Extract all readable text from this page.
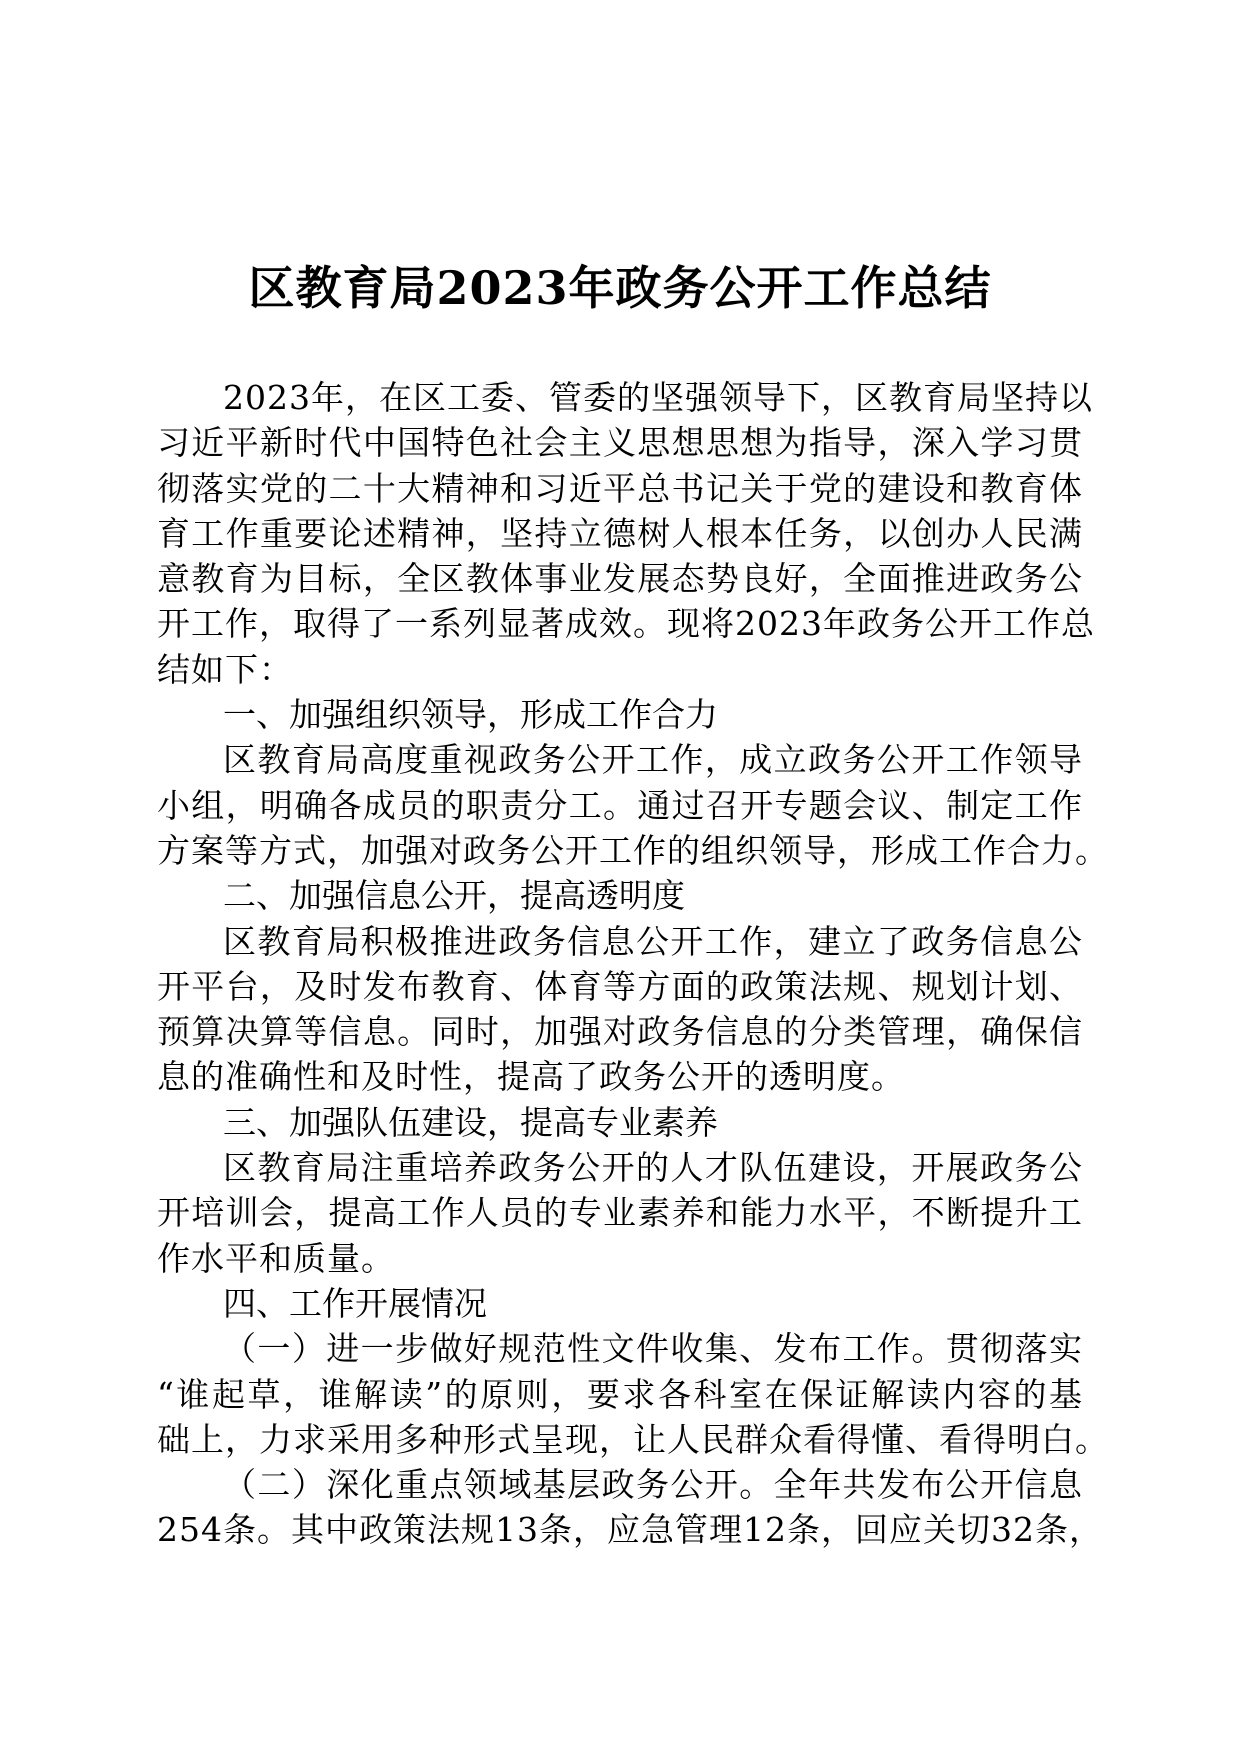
区教育局2023年政务公开工作总结
2023年，在区工委、管委的坚强领导下，区教育局坚持以
习近平新时代中国特色社会主义思想思想为指导，深入学习贯
彻落实党的二十大精神和习近平总书记关于党的建设和教育体
育工作重要论述精神，坚持立德树人根本任务，以创办人民满
意教育为目标，全区教体事业发展态势良好，全面推进政务公
开工作，取得了一系列显著成效。现将2023年政务公开工作总
结如下：
一、加强组织领导，形成工作合力
区教育局高度重视政务公开工作，成立政务公开工作领导
小组，明确各成员的职责分工。通过召开专题会议、制定工作
方案等方式，加强对政务公开工作的组织领导，形成工作合力。
二、加强信息公开，提高透明度
区教育局积极推进政务信息公开工作，建立了政务信息公
开平台，及时发布教育、体育等方面的政策法规、规划计划、
预算决算等信息。同时，加强对政务信息的分类管理，确保信
息的准确性和及时性，提高了政务公开的透明度。
三、加强队伍建设，提高专业素养
区教育局注重培养政务公开的人才队伍建设，开展政务公
开培训会，提高工作人员的专业素养和能力水平，不断提升工
作水平和质量。
四、工作开展情况
（一）进一步做好规范性文件收集、发布工作。贯彻落实
“谁起草，谁解读”的原则，要求各科室在保证解读内容的基
础上，力求采用多种形式呈现，让人民群众看得懂、看得明白。
（二）深化重点领域基层政务公开。全年共发布公开信息
254条。其中政策法规13条，应急管理12条，回应关切32条，
